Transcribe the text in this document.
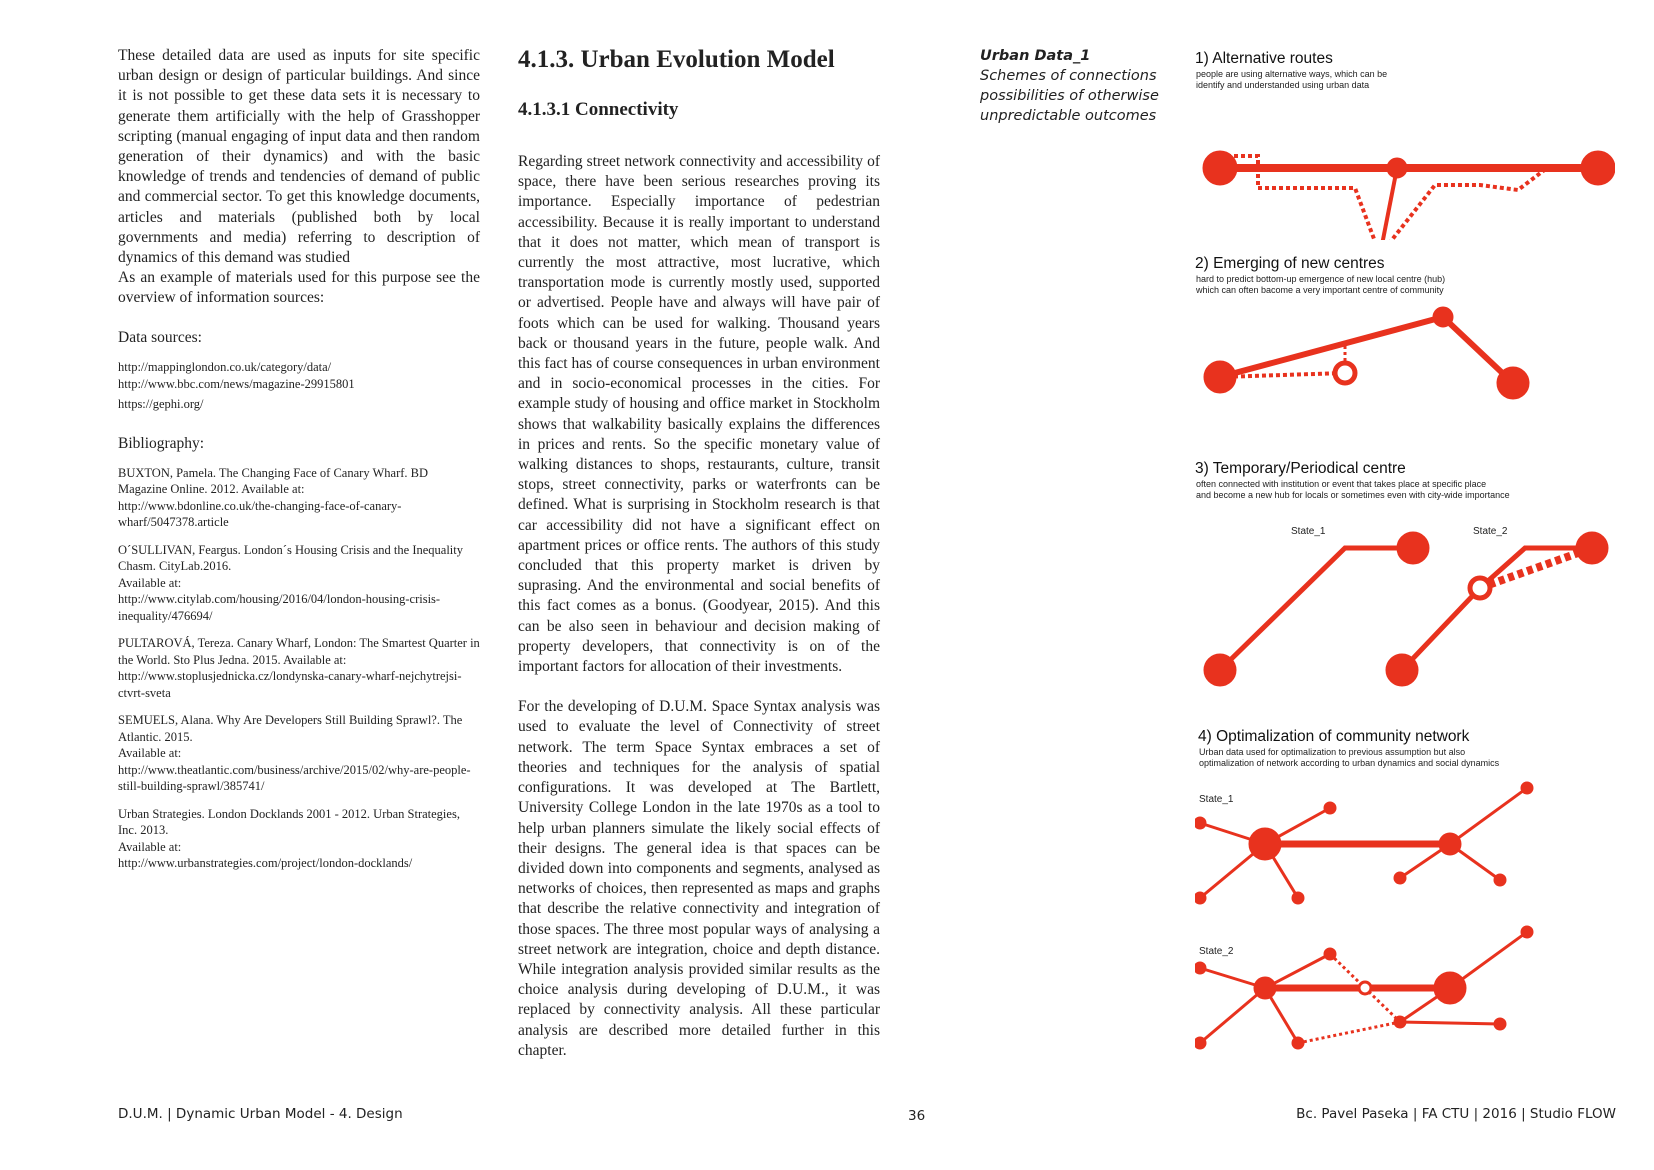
These detailed data are used as inputs for site specific urban design or design of particular buildings. And since it is not possible to get these data sets it is necessary to generate them artificially with the help of Grasshopper scripting (manual engaging of input data and then random generation of their dynamics) and with the basic knowledge of trends and tendencies of demand of public and commercial sector. To get this knowledge documents, articles and materials (published both by local governments and media) referring to description of dynamics of this demand was studied

As an example of materials used for this purpose see the overview of information sources:

Data sources:

http://mappinglondon.co.uk/category/data/

http://www.bbc.com/news/magazine-29915801

https://gephi.org/

Bibliography:

BUXTON, Pamela. The Changing Face of Canary Wharf. BD Magazine Online. 2012. Available at:
http://www.bdonline.co.uk/the-changing-face-of-canary-wharf/5047378.article
O´SULLIVAN, Feargus. London´s Housing Crisis and the Inequality Chasm. CityLab.2016.
Available at:
http://www.citylab.com/housing/2016/04/london-housing-crisis-inequality/476694/
PULTAROVÁ, Tereza. Canary Wharf, London: The Smartest Quarter in the World. Sto Plus Jedna. 2015. Available at:
http://www.stoplusjednicka.cz/londynska-canary-wharf-nejchytrejsi-ctvrt-sveta
SEMUELS, Alana. Why Are Developers Still Building Sprawl?. The Atlantic. 2015.
Available at:
http://www.theatlantic.com/business/archive/2015/02/why-are-people-still-building-sprawl/385741/
Urban Strategies. London Docklands 2001 - 2012. Urban Strategies, Inc. 2013.
Available at:
http://www.urbanstrategies.com/project/london-docklands/
4.1.3. Urban Evolution Model
4.1.3.1 Connectivity

Regarding street network connectivity and accessibility of space, there have been serious researches proving its importance. Especially importance of pedestrian accessibility. Because it is really important to understand that it does not matter, which mean of transport is currently the most attractive, most lucrative, which transportation mode is currently mostly used, supported or advertised. People have and always will have pair of foots which can be used for walking. Thousand years back or thousand years in the future, people walk. And this fact has of course consequences in urban environment and in socio-economical processes in the cities. For example study of housing and office market in Stockholm shows that walkability basically explains the differences in prices and rents. So the specific monetary value of walking distances to shops, restaurants, culture, transit stops, street connectivity, parks or waterfronts can be defined. What is surprising in Stockholm research is that car accessibility did not have a significant effect on apartment prices or office rents. The authors of this study concluded that this property market is driven by suprasing. And the environmental and social benefits of this fact comes as a bonus. (Goodyear, 2015). And this can be also seen in behaviour and decision making of property developers, that connectivity is on of the important factors for allocation of their investments.

For the developing of D.U.M. Space Syntax analysis was used to evaluate the level of Connectivity of street network. The term Space Syntax embraces a set of theories and techniques for the analysis of spatial configurations. It was developed at The Bartlett, University College London in the late 1970s as a tool to help urban planners simulate the likely social effects of their designs. The general idea is that spaces can be divided down into components and segments, analysed as networks of choices, then represented as maps and graphs that describe the relative connectivity and integration of those spaces. The three most popular ways of analysing a street network are integration, choice and depth distance. While integration analysis provided similar results as the choice analysis during developing of D.U.M., it was replaced by connectivity analysis. All these particular analysis are described more detailed further in this chapter.

Urban Data_1
Schemes of connections possibilities of otherwise unpredictable outcomes

1) Alternative routes

people are using alternative ways, which can be
identify and understanded using urban data

2) Emerging of new centres

hard to predict bottom-up emergence of new local centre (hub)
which can often bacome a very important centre of community

3) Temporary/Periodical centre

often connected with institution or event that takes place at specific place
and become a new hub for locals or sometimes even with city-wide importance

State_1	State_2

4) Optimalization of community network

Urban data used for optimalization to previous assumption but also
optimalization of network according to urban dynamics and social dynamics

State_1
State_2
D.U.M. | Dynamic Urban Model - 4. Design	36	Bc. Pavel Paseka | FA CTU | 2016 | Studio FLOW
